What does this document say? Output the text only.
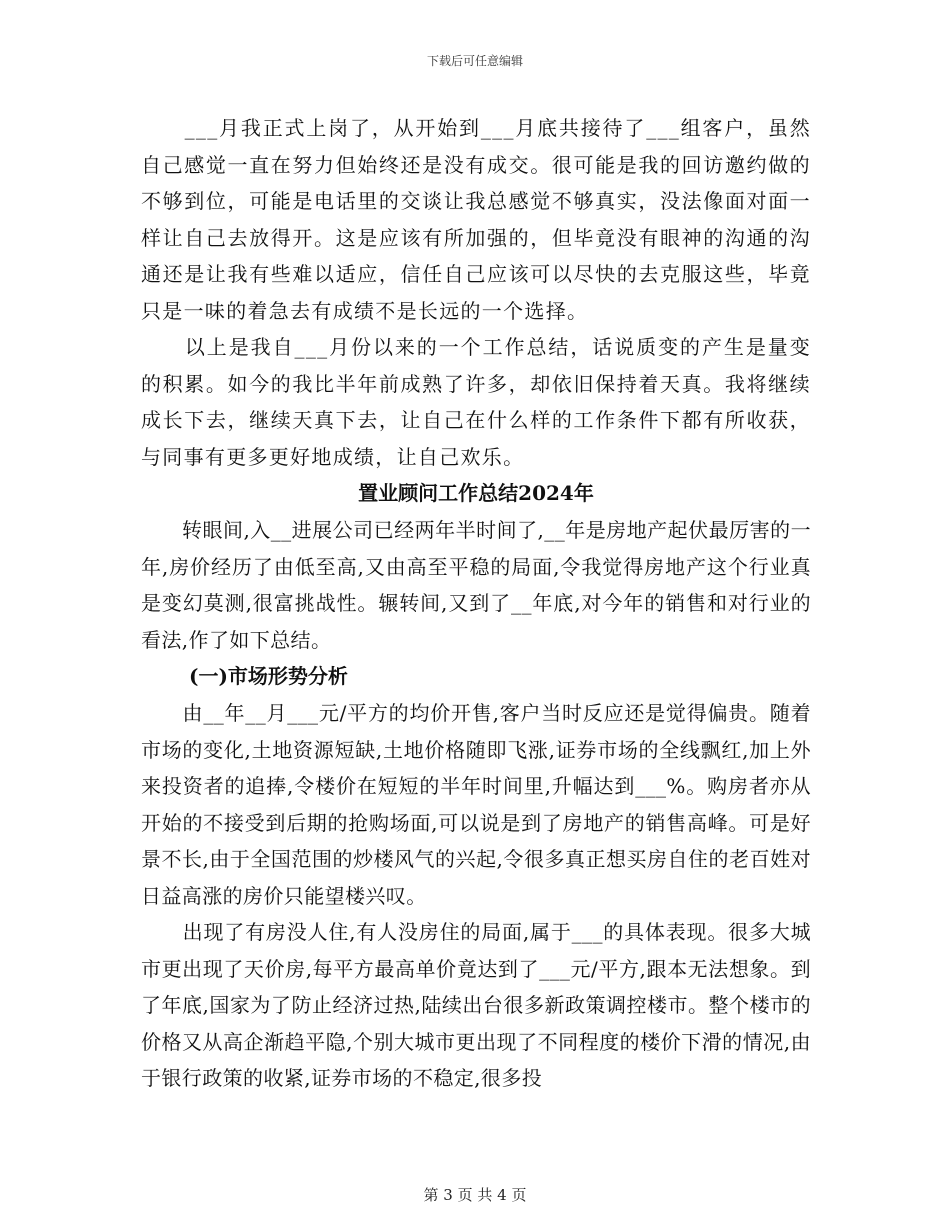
下载后可任意编辑

　　___月我正式上岗了，从开始到___月底共接待了___组客户，虽然自己感觉一直在努力但始终还是没有成交。很可能是我的回访邀约做的不够到位，可能是电话里的交谈让我总感觉不够真实，没法像面对面一样让自己去放得开。这是应该有所加强的，但毕竟没有眼神的沟通的沟通还是让我有些难以适应，信任自己应该可以尽快的去克服这些，毕竟只是一味的着急去有成绩不是长远的一个选择。

　　以上是我自___月份以来的一个工作总结，话说质变的产生是量变的积累。如今的我比半年前成熟了许多，却依旧保持着天真。我将继续成长下去，继续天真下去，让自己在什么样的工作条件下都有所收获，与同事有更多更好地成绩，让自己欢乐。

置业顾问工作总结2024年

　　转眼间,入__进展公司已经两年半时间了,__年是房地产起伏最厉害的一年,房价经历了由低至高,又由高至平稳的局面,令我觉得房地产这个行业真是变幻莫测,很富挑战性。辗转间,又到了__年底,对今年的销售和对行业的看法,作了如下总结。

(一)市场形势分析

　　由__年__月___元/平方的均价开售,客户当时反应还是觉得偏贵。随着市场的变化,土地资源短缺,土地价格随即飞涨,证券市场的全线飘红,加上外来投资者的追捧,令楼价在短短的半年时间里,升幅达到___%。购房者亦从开始的不接受到后期的抢购场面,可以说是到了房地产的销售高峰。可是好景不长,由于全国范围的炒楼风气的兴起,令很多真正想买房自住的老百姓对日益高涨的房价只能望楼兴叹。

　　出现了有房没人住,有人没房住的局面,属于___的具体表现。很多大城市更出现了天价房,每平方最高单价竟达到了___元/平方,跟本无法想象。到了年底,国家为了防止经济过热,陆续出台很多新政策调控楼市。整个楼市的价格又从高企渐趋平隐,个别大城市更出现了不同程度的楼价下滑的情况,由于银行政策的收紧,证券市场的不稳定,很多投

第 3 页 共 4 页
